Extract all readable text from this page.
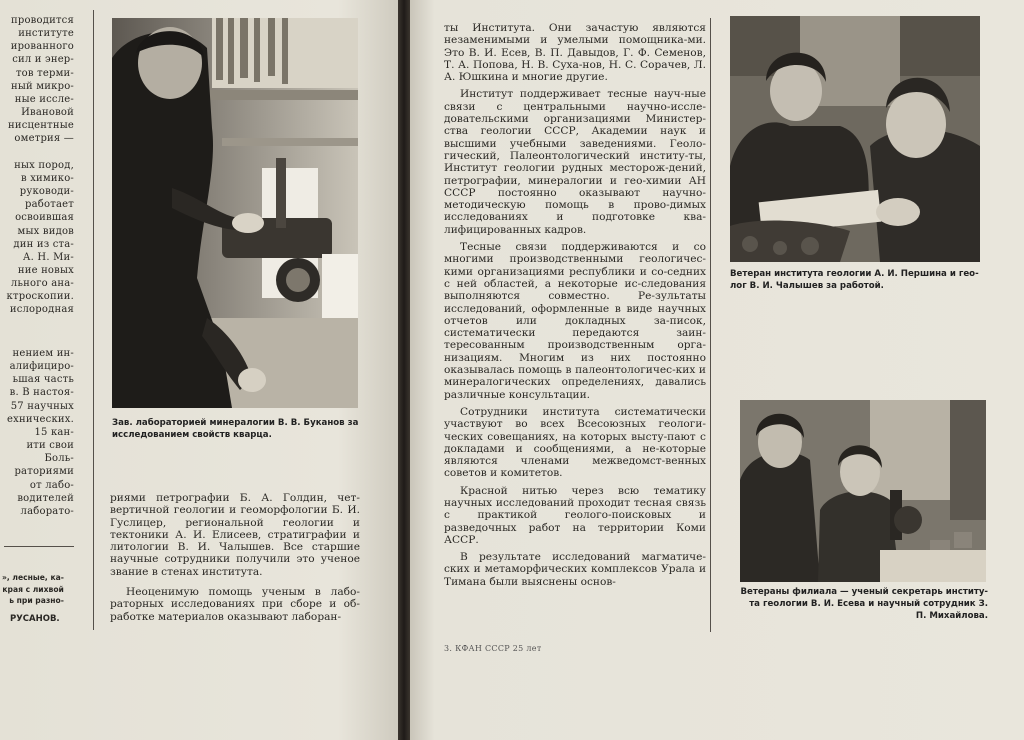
проводится
институте
ированного
сил и энер-
тов терми-
ный микро-
ные иссле-
Ивановой
нисцентные
ометрия —

ных пород,
в химико-
руководи-
работает
освоившая
мых видов
дин из ста-
А. Н. Ми-
ние новых
льного ана-
ктроскопии.
ислородная
нением ин-
алифициро-
ьшая часть
в. В настоя-
57 научных
ехнических.
15 кан-
ити свои
Боль-
раториями
от лабо-
водителей
лаборато-
», лесные, ка-
края с лихвой
ь при разно-
РУСАНОВ.

Зав. лабораторией минералогии В. В. Буканов за исследованием свойств кварца.

риями петрографии Б. А. Голдин, чет-вертичной геологии и геоморфологии Б. И. Гуслицер, региональной геологии и тектоники А. И. Елисеев, стратиграфии и литологии В. И. Чалышев. Все старшие научные сотрудники получили это ученое звание в стенах института.

Неоценимую помощь ученым в лабо-раторных исследованиях при сборе и об-работке материалов оказывают лаборан-

ты Института. Они зачастую являются незаменимыми и умелыми помощника-ми. Это В. И. Есев, В. П. Давыдов, Г. Ф. Семенов, Т. А. Попова, Н. В. Суха-нов, Н. С. Сорачев, Л. А. Юшкина и многие другие.

Институт поддерживает тесные науч-ные связи с центральными научно-иссле-довательскими организациями Министер-ства геологии СССР, Академии наук и высшими учебными заведениями. Геоло-гический, Палеонтологический институ-ты, Институт геологии рудных месторож-дений, петрографии, минералогии и гео-химии АН СССР постоянно оказывают научно-методическую помощь в прово-димых исследованиях и подготовке ква-лифицированных кадров.

Тесные связи поддерживаются и со многими производственными геологичес-кими организациями республики и со-седних с ней областей, а некоторые ис-следования выполняются совместно. Ре-зультаты исследований, оформленные в виде научных отчетов или докладных за-писок, систематически передаются заин-тересованным производственным орга-низациям. Многим из них постоянно оказывалась помощь в палеонтологичес-ких и минералогических определениях, давались различные консультации.

Сотрудники института систематически участвуют во всех Всесоюзных геологи-ческих совещаниях, на которых высту-пают с докладами и сообщениями, а не-которые являются членами межведомст-венных советов и комитетов.

Красной нитью через всю тематику научных исследований проходит тесная связь с практикой геолого-поисковых и разведочных работ на территории Коми АССР.

В результате исследований магматиче-ских и метаморфических комплексов Урала и Тимана были выяснены основ-

3. КФАН СССР 25 лет

Ветеран института геологии А. И. Першина и гео-лог В. И. Чалышев за работой.

Ветераны филиала — ученый секретарь институ-та геологии В. И. Есева и научный сотрудник З. П. Михайлова.
